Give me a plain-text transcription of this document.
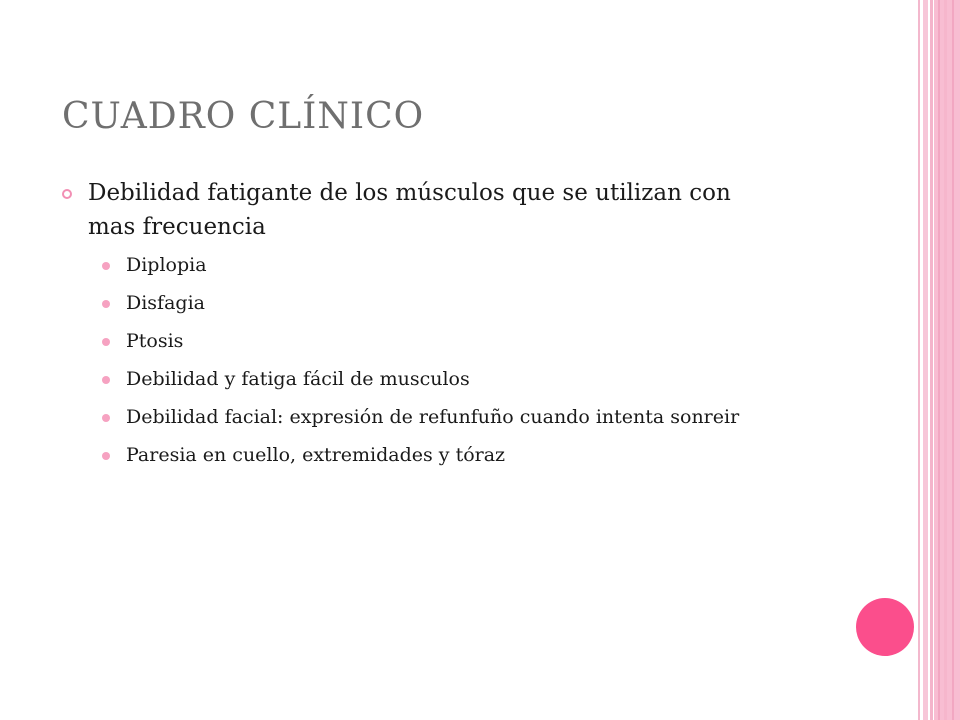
CUADRO CLÍNICO
Debilidad fatigante de los músculos que se utilizan con mas frecuencia
Diplopia
Disfagia
Ptosis
Debilidad y fatiga fácil de musculos
Debilidad facial: expresión de refunfuño cuando intenta sonreir
Paresia en cuello, extremidades y tóraz
